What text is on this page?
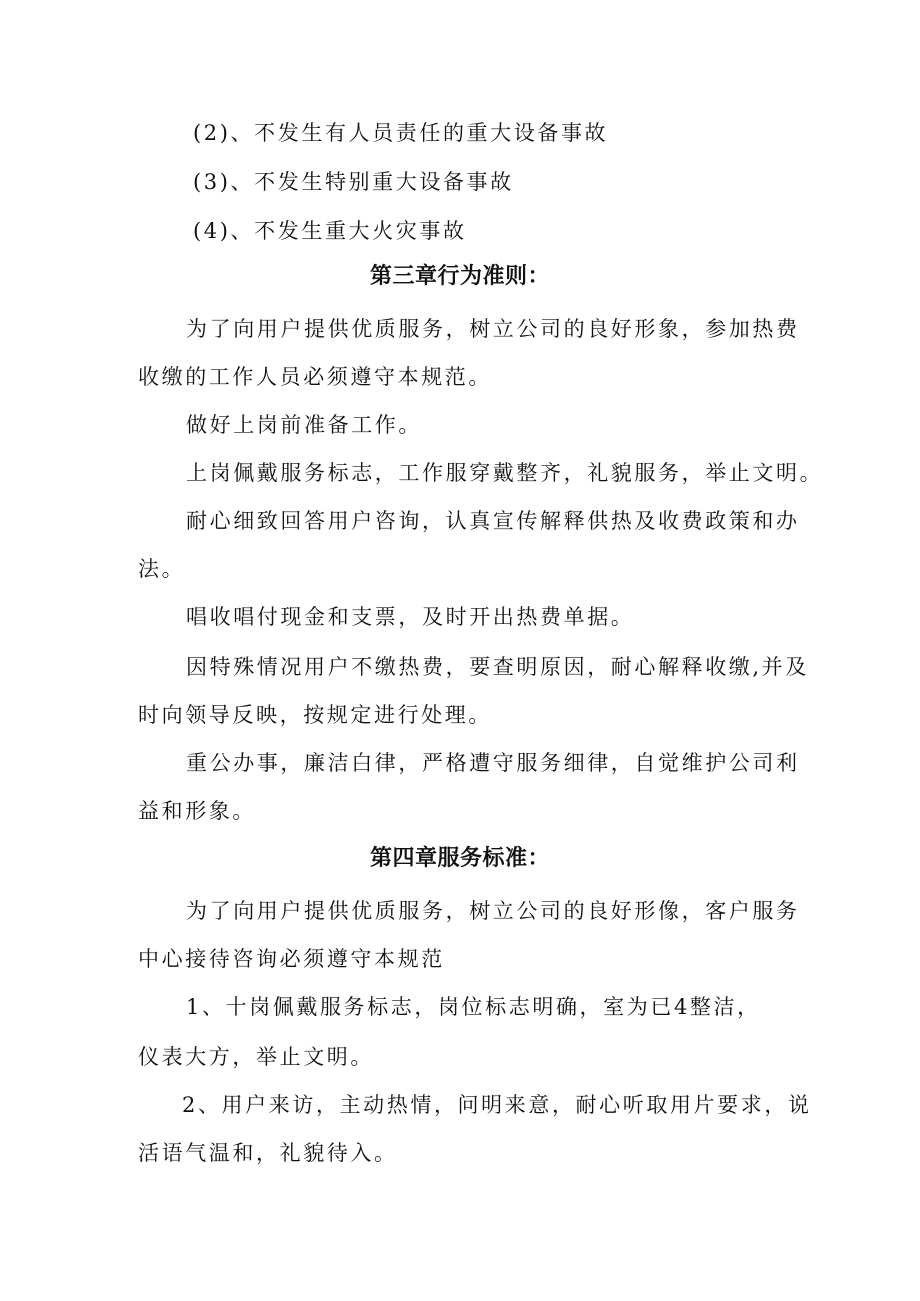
(2)、不发生有人员责任的重大设备事故
(3)、不发生特别重大设备事故
(4)、不发生重大火灾事故
第三章行为准则：
为了向用户提供优质服务，树立公司的良好形象，参加热费
收缴的工作人员必须遵守本规范。
做好上岗前准备工作。
上岗佩戴服务标志，工作服穿戴整齐，礼貌服务，举止文明。
耐心细致回答用户咨询，认真宣传解释供热及收费政策和办
法。
唱收唱付现金和支票，及时开出热费单据。
因特殊情况用户不缴热费，要查明原因，耐心解释收缴,并及
时向领导反映，按规定进行处理。
重公办事，廉洁白律，严格遭守服务细律，自觉维护公司利
益和形象。
第四章服务标准：
为了向用户提供优质服务，树立公司的良好形像，客户服务
中心接待咨询必须遵守本规范
1、十岗佩戴服务标志，岗位标志明确，室为已4整洁，
仪表大方，举止文明。
2、用户来访，主动热情，问明来意，耐心听取用片要求，说
活语气温和，礼貌待入。
